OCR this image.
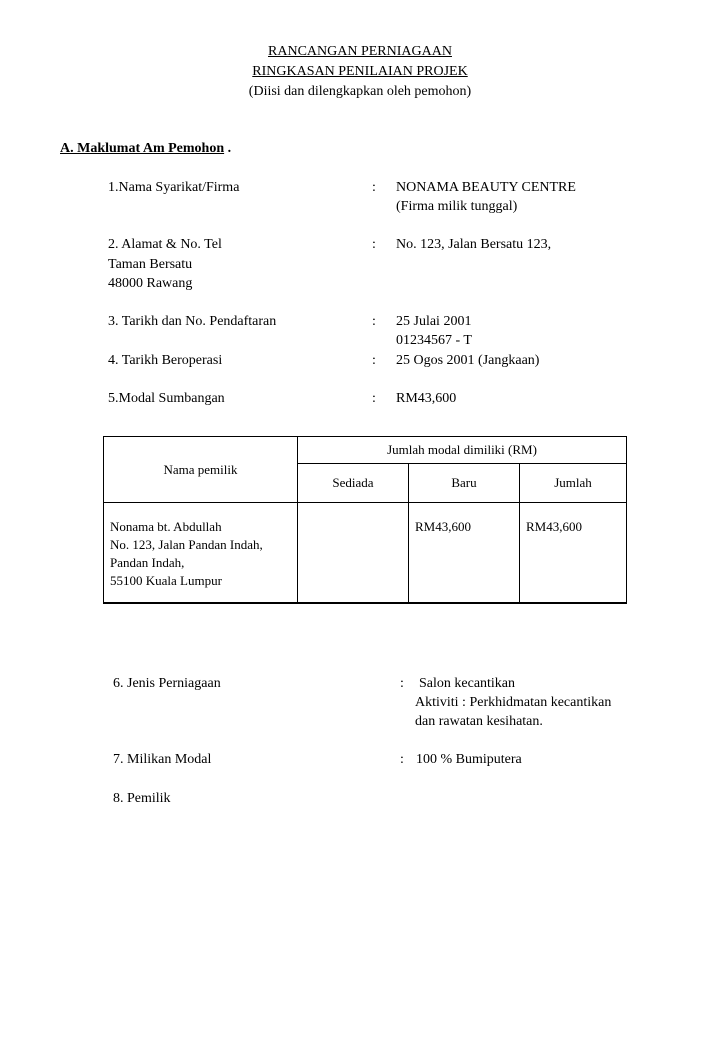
RANCANGAN PERNIAGAAN
RINGKASAN PENILAIAN PROJEK
(Diisi dan dilengkapkan oleh pemohon)
A. Maklumat Am Pemohon .
1.Nama Syarikat/Firma	: NONAMA BEAUTY CENTRE
(Firma milik tunggal)
2. Alamat & No. Tel	: No. 123, Jalan Bersatu 123,
Taman Bersatu
48000 Rawang
3. Tarikh dan No. Pendaftaran	: 25 Julai 2001
01234567 - T
4. Tarikh Beroperasi	: 25 Ogos 2001 (Jangkaan)
5.Modal Sumbangan	: RM43,600
Nama pemilik	Jumlah modal dimiliki (RM)		
	Sediada	Baru	Jumlah

Nonama bt. Abdullah
No. 123, Jalan Pandan Indah,
Pandan Indah,
55100 Kuala Lumpur		RM43,600	RM43,600
6. Jenis Perniagaan	: Salon kecantikan
Aktiviti : Perkhidmatan kecantikan
dan rawatan kesihatan.
7. Milikan Modal	: 100 % Bumiputera
8. Pemilik
